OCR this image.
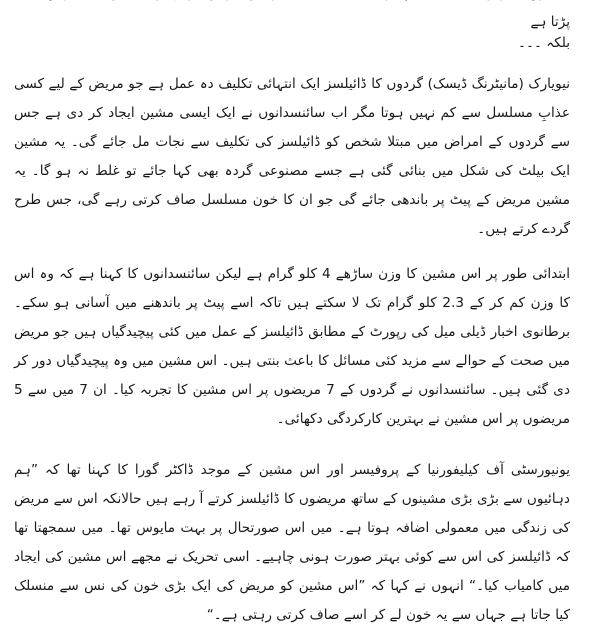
پڑتا ہے

بلکہ ۔۔۔

نیویارک (مانیٹرنگ ڈیسک) گردوں کا ڈائیلسز ایک انتہائی تکلیف دہ عمل ہے جو مریض کے لیے کسی عذابِ مسلسل سے کم نہیں ہوتا مگر اب سائنسدانوں نے ایک ایسی مشین ایجاد کر دی ہے جس سے گردوں کے امراض میں مبتلا شخص کو ڈائیلسز کی تکلیف سے نجات مل جائے گی۔ یہ مشین ایک بیلٹ کی شکل میں بنائی گئی ہے جسے مصنوعی گردہ بھی کہا جائے تو غلط نہ ہو گا۔ یہ مشین مریض کے پیٹ پر باندھی جائے گی جو ان کا خون مسلسل صاف کرتی رہے گی، جس طرح گردے کرتے ہیں۔

ابتدائی طور پر اس مشین کا وزن ساڑھے 4 کلو گرام ہے لیکن سائنسدانوں کا کہنا ہے کہ وہ اس کا وزن کم کر کے 2.3 کلو گرام تک لا سکتے ہیں تاکہ اسے پیٹ پر باندھنے میں آسانی ہو سکے۔ برطانوی اخبار ڈیلی میل کی رپورٹ کے مطابق ڈائیلسز کے عمل میں کئی پیچیدگیاں ہیں جو مریض میں صحت کے حوالے سے مزید کئی مسائل کا باعث بنتی ہیں۔ اس مشین میں وہ پیچیدگیاں دور کر دی گئی ہیں۔ سائنسدانوں نے گردوں کے 7 مریضوں پر اس مشین کا تجربہ کیا۔ ان 7 میں سے 5 مریضوں پر اس مشین نے بہترین کارکردگی دکھائی۔

یونیورسٹی آف کیلیفورنیا کے پروفیسر اور اس مشین کے موجد ڈاکٹر گورا کا کہنا تھا کہ ”ہم دہائیوں سے بڑی بڑی مشینوں کے ساتھ مریضوں کا ڈائیلسز کرتے آ رہے ہیں حالانکہ اس سے مریض کی زندگی میں معمولی اضافہ ہوتا ہے۔ میں اس صورتحال پر بہت مایوس تھا۔ میں سمجھتا تھا کہ ڈائیلسز کی اس سے کوئی بہتر صورت ہونی چاہیے۔ اسی تحریک نے مجھے اس مشین کی ایجاد میں کامیاب کیا۔“ انہوں نے کہا کہ ”اس مشین کو مریض کی ایک بڑی خون کی نس سے منسلک کیا جاتا ہے جہاں سے یہ خون لے کر اسے صاف کرتی رہتی ہے۔“
